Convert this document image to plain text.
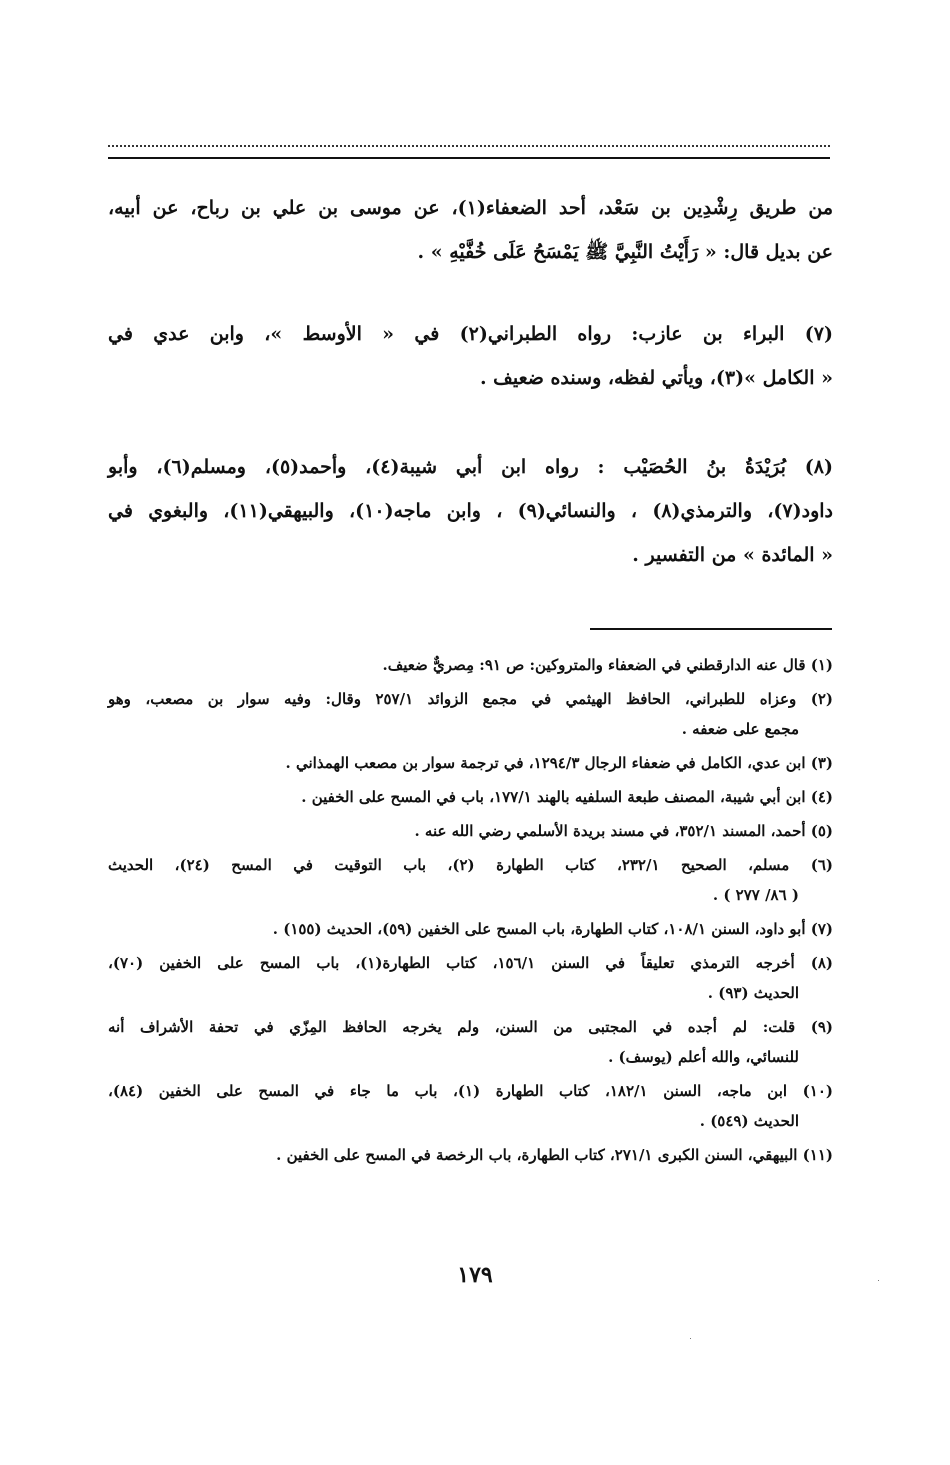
من طريق رِشْدِين بن سَعْد، أحد الضعفاء(١)، عن موسى بن علي بن رباح، عن أبيه،
عن بديل قال: « رَأَيْتُ النَّبِيَّ ﷺ يَمْسَحُ عَلَى خُفَّيْهِ » .
(٧) البراء بن عازب: رواه الطبراني(٢) في « الأوسط »، وابن عدي في
« الكامل »(٣)، ويأتي لفظه، وسنده ضعيف .
(٨) بُرَيْدَةُ بنُ الحُصَيْب : رواه ابن أبي شيبة(٤)، وأحمد(٥)، ومسلم(٦)، وأبو
داود(٧)، والترمذي(٨) ، والنسائي(٩) ، وابن ماجه(١٠)، والبيهقي(١١)، والبغوي في
« المائدة » من التفسير .
(١) قال عنه الدارقطني في الضعفاء والمتروكين: ص ٩١: مِصريٌّ ضعيف.
(٢) وعزاه للطبراني، الحافظ الهيثمي في مجمع الزوائد ٢٥٧/١ وقال: وفيه سوار بن مصعب، وهو
مجمع على ضعفه .
(٣) ابن عدي، الكامل في ضعفاء الرجال ١٢٩٤/٣، في ترجمة سوار بن مصعب الهمذاني .
(٤) ابن أبي شيبة، المصنف طبعة السلفيه بالهند ١٧٧/١، باب في المسح على الخفين .
(٥) أحمد، المسند ٣٥٢/١، في مسند بريدة الأسلمي رضي الله عنه .
(٦) مسلم، الصحيح ٢٣٢/١، كتاب الطهارة (٢)، باب التوقيت في المسح (٢٤)، الحديث
( ٨٦/ ٢٧٧ ) .
(٧) أبو داود، السنن ١٠٨/١، كتاب الطهارة، باب المسح على الخفين (٥٩)، الحديث (١٥٥) .
(٨) أخرجه الترمذي تعليقاً في السنن ١٥٦/١، كتاب الطهارة(١)، باب المسح على الخفين (٧٠)،
الحديث (٩٣) .
(٩) قلت: لم أجده في المجتبى من السنن، ولم يخرجه الحافظ المِزّي في تحفة الأشراف أنه
للنسائي، والله أعلم (يوسف) .
(١٠) ابن ماجه، السنن ١٨٢/١، كتاب الطهارة (١)، باب ما جاء في المسح على الخفين (٨٤)،
الحديث (٥٤٩) .
(١١) البيهقي، السنن الكبرى ٢٧١/١، كتاب الطهارة، باب الرخصة في المسح على الخفين .
١٧٩
